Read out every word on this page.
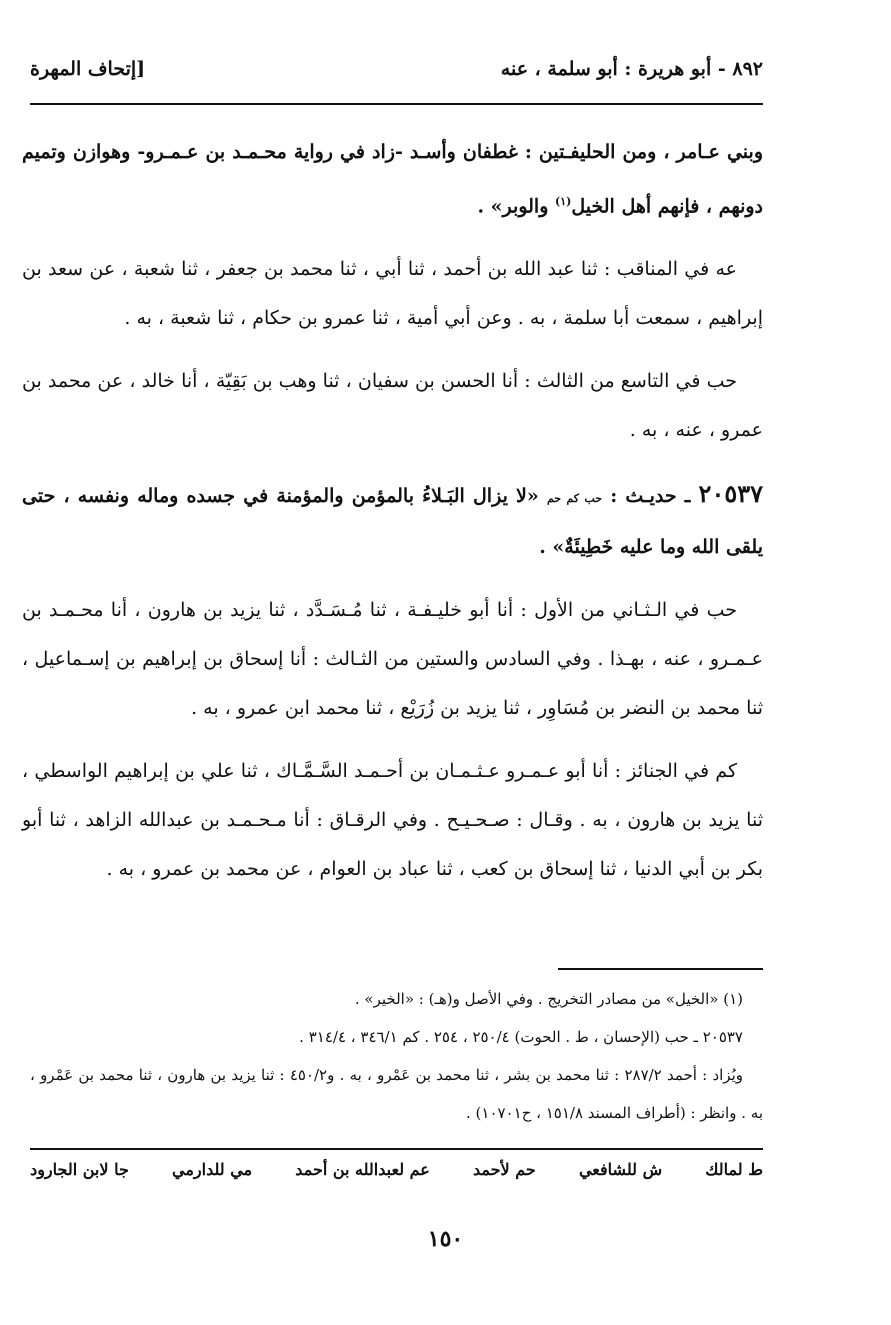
٨٩٢ - أبو هريرة : أبو سلمة ، عنه
[إتحاف المهرة

وبني عـامر ، ومن الحليفـتين : غطفان وأسـد -زاد في رواية محـمـد بن عـمـرو- وهوازن وتميم دونهم ، فإنهم أهل الخيل$^{(١)}$ والوبر» .

عه في المناقب : ثنا عبد الله بن أحمد ، ثنا أبي ، ثنا محمد بن جعفر ، ثنا شعبة ، عن سعد بن إبراهيم ، سمعت أبا سلمة ، به . وعن أبي أمية ، ثنا عمرو بن حكام ، ثنا شعبة ، به .

حب في التاسع من الثالث : أنا الحسن بن سفيان ، ثنا وهب بن بَقِيّة ، أنا خالد ، عن محمد بن عمرو ، عنه ، به .

٢٠٥٣٧ ـ حديـث : حب كم حم «لا يزال البَـلاءُ بالمؤمن والمؤمنة في جسده وماله ونفسه ، حتى يلقى الله وما عليه خَطِيئَةٌ» .

حب في الـثـاني من الأول : أنا أبو خليـفـة ، ثنا مُـسَـدَّد ، ثنا يزيد بن هارون ، أنا محـمـد بن عـمـرو ، عنه ، بهـذا . وفي السادس والستين من الثـالث : أنا إسحاق بن إبراهيم بن إسـماعيل ، ثنا محمد بن النضر بن مُسَاوِر ، ثنا يزيد بن زُرَيْع ، ثنا محمد ابن عمرو ، به .

كم في الجنائز : أنا أبو عـمـرو عـثـمـان بن أحـمـد السَّـمَّـاك ، ثنا علي بن إبراهيم الواسطي ، ثنا يزيد بن هارون ، به . وقـال : صـحـيـح . وفي الرقـاق : أنا مـحـمـد بن عبدالله الزاهد ، ثنا أبو بكر بن أبي الدنيا ، ثنا إسحاق بن كعب ، ثنا عباد بن العوام ، عن محمد بن عمرو ، به .

(١) «الخيل» من مصادر التخريج . وفي الأصل و(هـ) : «الخير» .

٢٠٥٣٧ ـ حب (الإحسان ، ط . الحوت) ٢٥٠/٤ ، ٢٥٤ . كم ٣٤٦/١ ، ٣١٤/٤ .

ويُزاد : أحمد ٢٨٧/٢ : ثنا محمد بن بشر ، ثنا محمد بن عَمْرو ، به . و٤٥٠/٢ : ثنا يزيد بن هارون ، ثنا محمد بن عَمْرو ، به . وانظر : (أطراف المسند ١٥١/٨ ، ح١٠٧٠١) .

ط لمالك
ش للشافعي
حم لأحمد
عم لعبدالله بن أحمد
مي للدارمي
جا لابن الجارود
١٥٠
